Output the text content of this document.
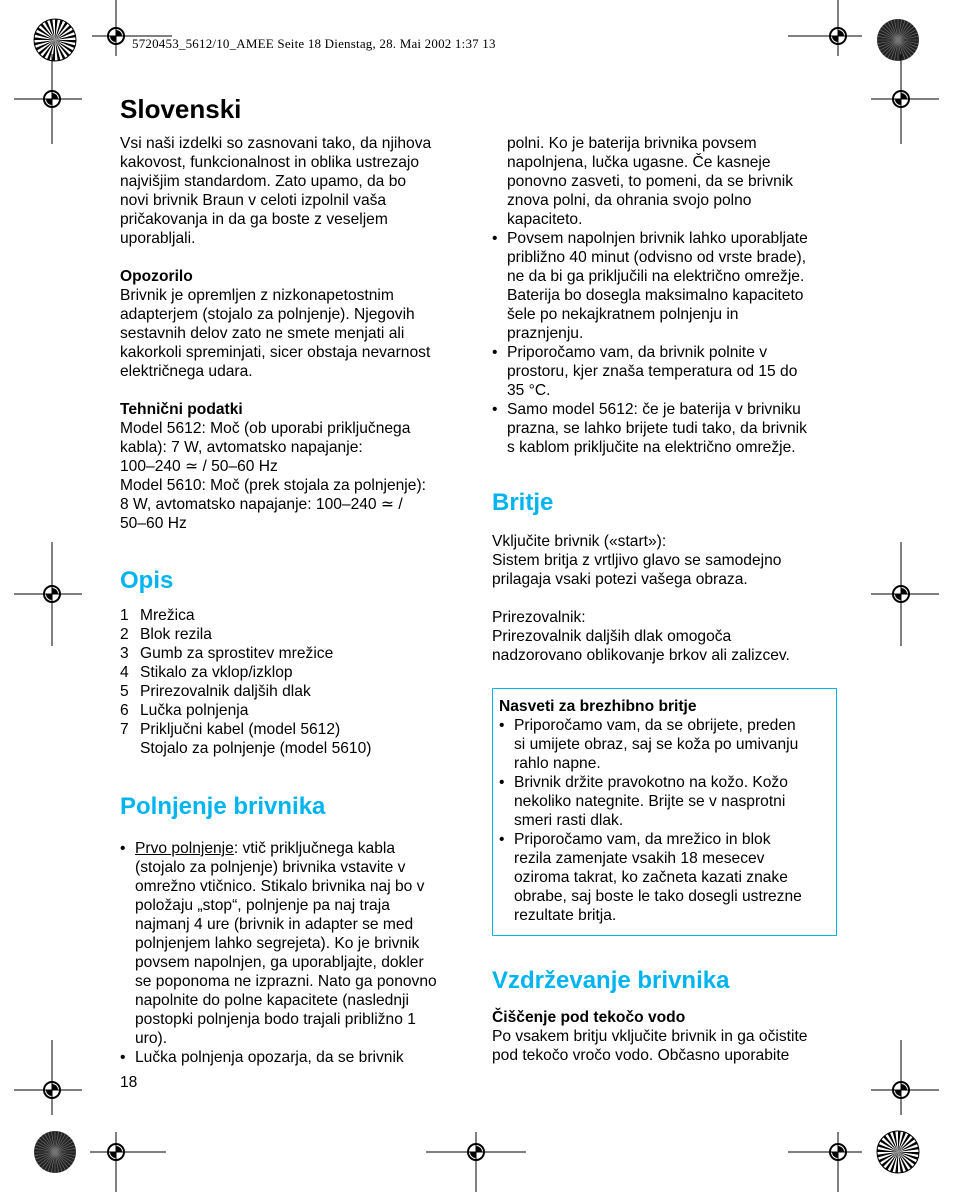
5720453_5612/10_AMEE Seite 18 Dienstag, 28. Mai 2002 1:37 13
Slovenski

Vsi naši izdelki so zasnovani tako, da njihova

kakovost, funkcionalnost in oblika ustrezajo

najvišjim standardom. Zato upamo, da bo

novi brivnik Braun v celoti izpolnil vaša

pričakovanja in da ga boste z veseljem

uporabljali.

Opozorilo

Brivnik je opremljen z nizkonapetostnim

adapterjem (stojalo za polnjenje). Njegovih

sestavnih delov zato ne smete menjati ali

kakorkoli spreminjati, sicer obstaja nevarnost

električnega udara.

Tehnični podatki

Model 5612: Moč (ob uporabi priključnega

kabla): 7 W, avtomatsko napajanje:

100–240 ≃ / 50–60 Hz

Model 5610: Moč (prek stojala za polnjenje):

8 W, avtomatsko napajanje: 100–240 ≃ /

50–60 Hz

Opis
1 Mrežica
2 Blok rezila
3 Gumb za sprostitev mrežice
4 Stikalo za vklop/izklop
5 Prirezovalnik daljših dlak
6 Lučka polnjenja
7 Priključni kabel (model 5612)
Stojalo za polnjenje (model 5610)
Polnjenje brivnika
• Prvo polnjenje: vtič priključnega kabla

(stojalo za polnjenje) brivnika vstavite v

omrežno vtičnico. Stikalo brivnika naj bo v

položaju „stop“, polnjenje pa naj traja

najmanj 4 ure (brivnik in adapter se med

polnjenjem lahko segrejeta). Ko je brivnik

povsem napolnjen, ga uporabljajte, dokler

se poponoma ne izprazni. Nato ga ponovno

napolnite do polne kapacitete (naslednji

postopki polnjenja bodo trajali približno 1

uro).

• Lučka polnjenja opozarja, da se brivnik

18

polni. Ko je baterija brivnika povsem

napolnjena, lučka ugasne. Če kasneje

ponovno zasveti, to pomeni, da se brivnik

znova polni, da ohrania svojo polno

kapaciteto.

• Povsem napolnjen brivnik lahko uporabljate

približno 40 minut (odvisno od vrste brade),

ne da bi ga priključili na električno omrežje.

Baterija bo dosegla maksimalno kapaciteto

šele po nekajkratnem polnjenju in

praznjenju.

• Priporočamo vam, da brivnik polnite v

prostoru, kjer znaša temperatura od 15 do

35 °C.

• Samo model 5612: če je baterija v brivniku

prazna, se lahko brijete tudi tako, da brivnik

s kablom priključite na električno omrežje.

Britje

Vključite brivnik («start»):

Sistem britja z vrtljivo glavo se samodejno

prilagaja vsaki potezi vašega obraza.

Prirezovalnik:

Prirezovalnik daljših dlak omogoča

nadzorovano oblikovanje brkov ali zalizcev.

Nasveti za brezhibno britje

• Priporočamo vam, da se obrijete, preden

si umijete obraz, saj se koža po umivanju

rahlo napne.

• Brivnik držite pravokotno na kožo. Kožo

nekoliko nategnite. Brijte se v nasprotni

smeri rasti dlak.

• Priporočamo vam, da mrežico in blok

rezila zamenjate vsakih 18 mesecev

oziroma takrat, ko začneta kazati znake

obrabe, saj boste le tako dosegli ustrezne

rezultate britja.

Vzdrževanje brivnika

Čiščenje pod tekočo vodo

Po vsakem britju vključite brivnik in ga očistite

pod tekočo vročo vodo. Občasno uporabite
